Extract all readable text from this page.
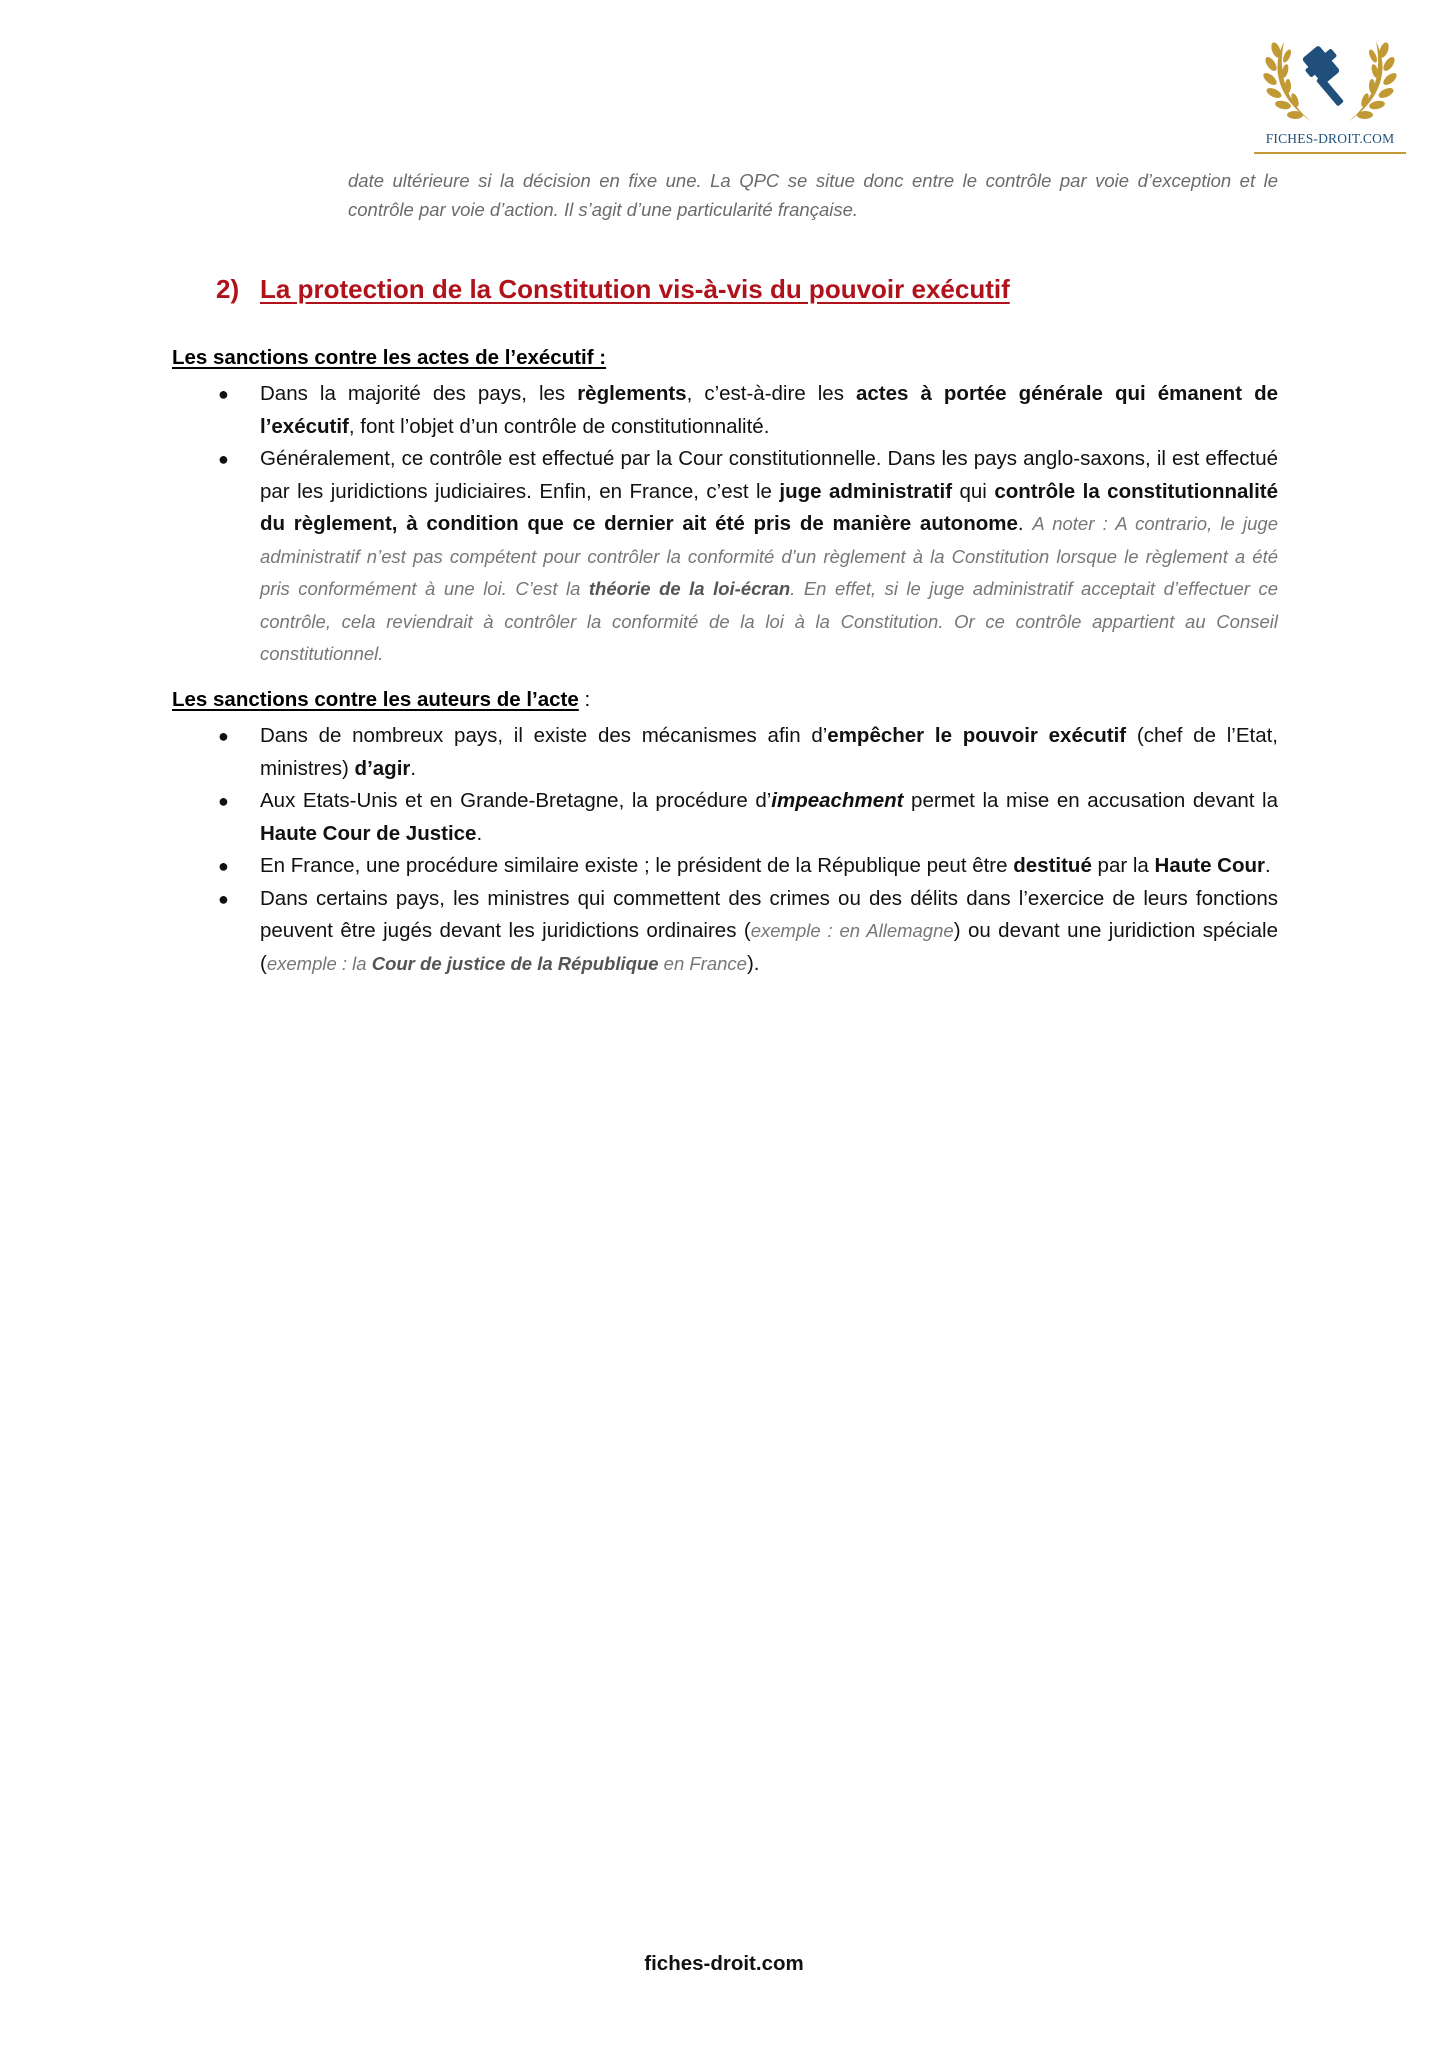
FICHES-DROIT.COM
date ultérieure si la décision en fixe une. La QPC se situe donc entre le contrôle par voie d’exception et le contrôle par voie d’action. Il s’agit d’une particularité française.
2) La protection de la Constitution vis-à-vis du pouvoir exécutif
Les sanctions contre les actes de l’exécutif :
● Dans la majorité des pays, les règlements, c’est-à-dire les actes à portée générale qui émanent de l’exécutif, font l’objet d’un contrôle de constitutionnalité.
● Généralement, ce contrôle est effectué par la Cour constitutionnelle. Dans les pays anglo-saxons, il est effectué par les juridictions judiciaires. Enfin, en France, c’est le juge administratif qui contrôle la constitutionnalité du règlement, à condition que ce dernier ait été pris de manière autonome. A noter : A contrario, le juge administratif n’est pas compétent pour contrôler la conformité d’un règlement à la Constitution lorsque le règlement a été pris conformément à une loi. C’est la théorie de la loi-écran. En effet, si le juge administratif acceptait d’effectuer ce contrôle, cela reviendrait à contrôler la conformité de la loi à la Constitution. Or ce contrôle appartient au Conseil constitutionnel.
Les sanctions contre les auteurs de l’acte :
● Dans de nombreux pays, il existe des mécanismes afin d’empêcher le pouvoir exécutif (chef de l’Etat, ministres) d’agir.
● Aux Etats-Unis et en Grande-Bretagne, la procédure d’impeachment permet la mise en accusation devant la Haute Cour de Justice.
● En France, une procédure similaire existe ; le président de la République peut être destitué par la Haute Cour.
● Dans certains pays, les ministres qui commettent des crimes ou des délits dans l’exercice de leurs fonctions peuvent être jugés devant les juridictions ordinaires (exemple : en Allemagne) ou devant une juridiction spéciale (exemple : la Cour de justice de la République en France).
fiches-droit.com
